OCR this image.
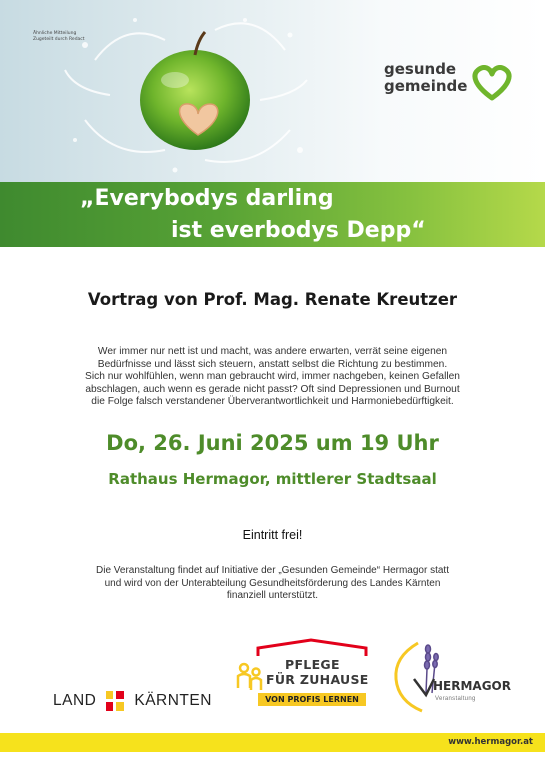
Ähnliche Mitteilung
Zugeteilt durch Redact
gesunde
gemeinde
„Everybodys darling
ist everbodys Depp“
Vortrag von Prof. Mag. Renate Kreutzer
Wer immer nur nett ist und macht, was andere erwarten, verrät seine eigenen
Bedürfnisse und lässt sich steuern, anstatt selbst die Richtung zu bestimmen.
Sich nur wohlfühlen, wenn man gebraucht wird, immer nachgeben, keinen Gefallen
abschlagen, auch wenn es gerade nicht passt? Oft sind Depressionen und Burnout
die Folge falsch verstandener Überverantwortlichkeit und Harmoniebedürftigkeit.
Do, 26. Juni 2025 um 19 Uhr
Rathaus Hermagor, mittlerer Stadtsaal
Eintritt frei!
Die Veranstaltung findet auf Initiative der „Gesunden Gemeinde“ Hermagor statt
und wird von der Unterabteilung Gesundheitsförderung des Landes Kärnten
finanziell unterstützt.
LAND KÄRNTEN
PFLEGE
FÜR ZUHAUSE
VON PROFIS LERNEN
HERMAGOR
Veranstaltung
www.hermagor.at
